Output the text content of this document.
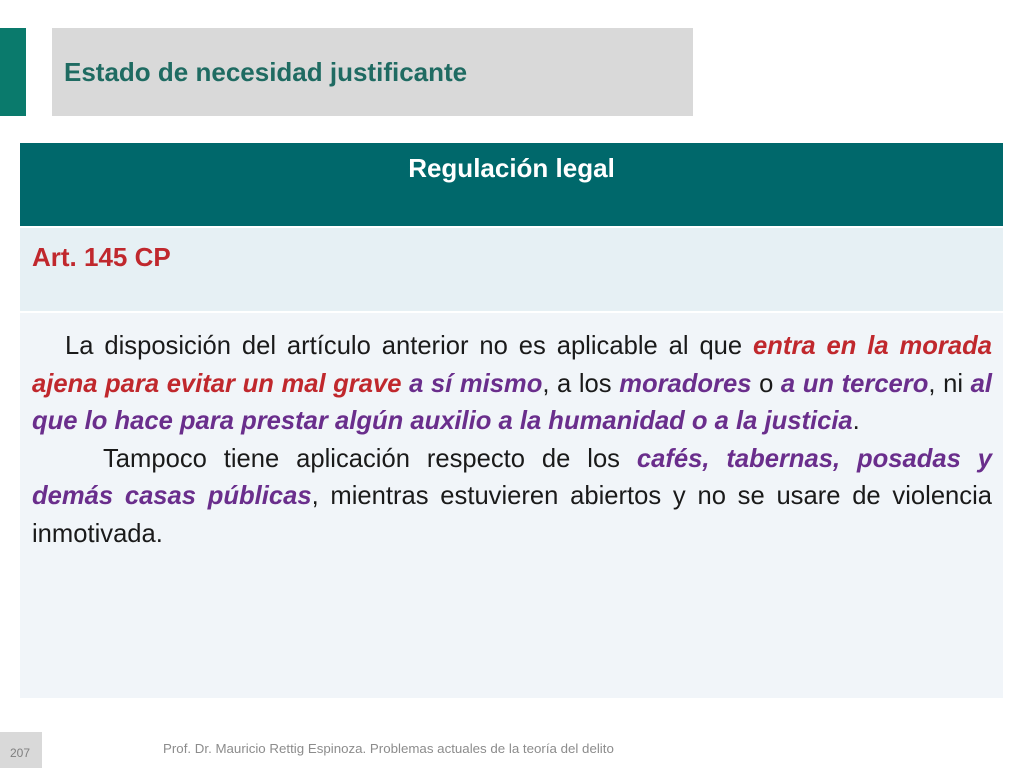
Estado de necesidad justificante
Regulación legal
Art. 145 CP

La disposición del artículo anterior no es aplicable al que entra en la morada ajena para evitar un mal grave a sí mismo, a los moradores o a un tercero, ni al que lo hace para prestar algún auxilio a la humanidad o a la justicia.

Tampoco tiene aplicación respecto de los cafés, tabernas, posadas y demás casas públicas, mientras estuvieren abiertos y no se usare de violencia inmotivada.

207	Prof. Dr. Mauricio Rettig Espinoza. Problemas actuales de la teoría del delito
